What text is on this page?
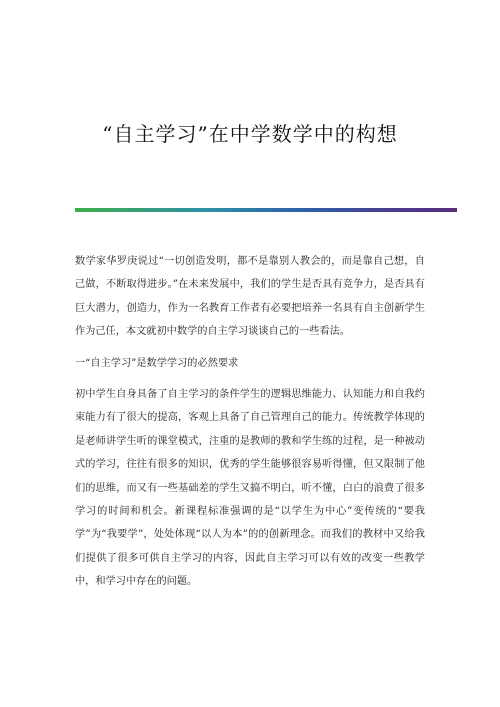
“自主学习”在中学数学中的构想

数学家华罗庚说过“一切创造发明，都不是靠别人教会的，而是靠自己想，自己做，不断取得进步。”在未来发展中，我们的学生是否具有竞争力，是否具有巨大潜力，创造力，作为一名教育工作者有必要把培养一名具有自主创新学生作为己任，本文就初中数学的自主学习谈谈自己的一些看法。

一“自主学习”是数学学习的必然要求

初中学生自身具备了自主学习的条件学生的逻辑思维能力、认知能力和自我约束能力有了很大的提高，客观上具备了自己管理自己的能力。传统教学体现的是老师讲学生听的课堂模式，注重的是教师的教和学生练的过程，是一种被动式的学习，往往有很多的知识，优秀的学生能够很容易听得懂，但又限制了他们的思维，而又有一些基础差的学生又搞不明白，听不懂，白白的浪费了很多学习的时间和机会。新课程标准强调的是“以学生为中心”变传统的“要我学”为“我要学”，处处体现“以人为本”的的创新理念。而我们的教材中又给我们提供了很多可供自主学习的内容，因此自主学习可以有效的改变一些教学中，和学习中存在的问题。
